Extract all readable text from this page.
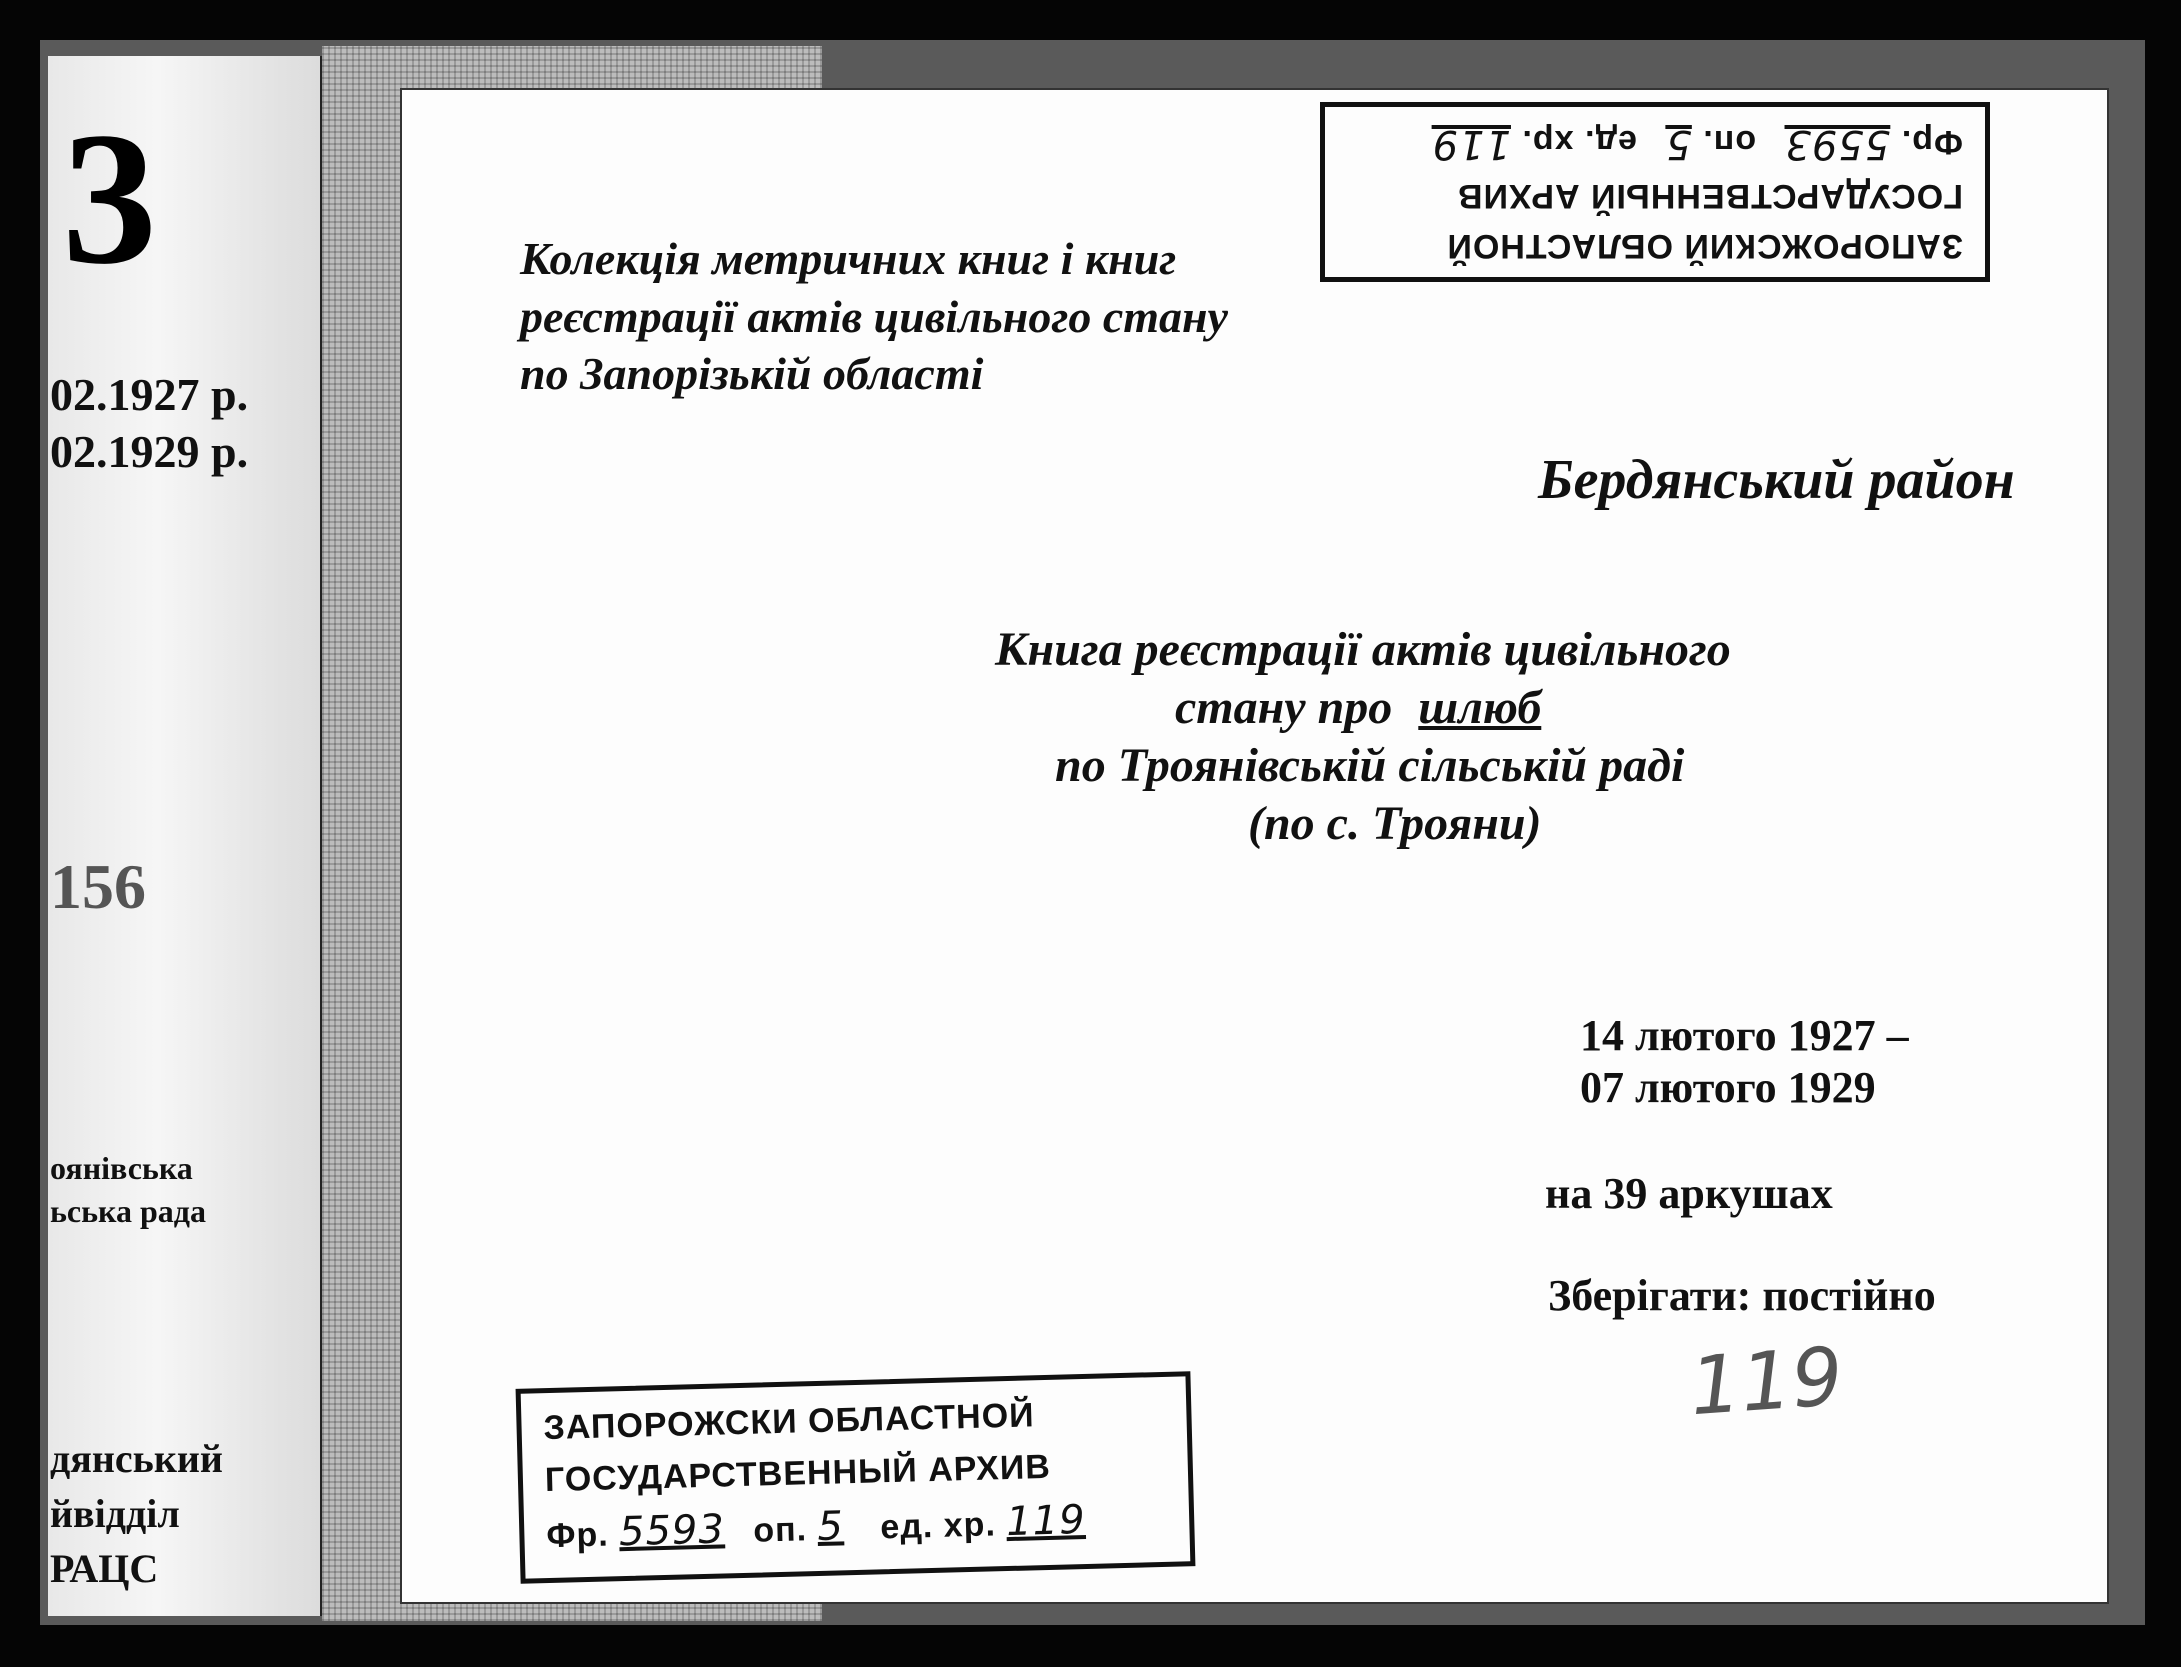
3
02.1927 р.
02.1929 р.
156
оянівська
ьська рада
дянський
йвідділ
РАЦС
Колекція метричних книг і книг
реєстрації актів цивільного стану
по Запорізькій області
Бердянський район
Книга реєстрації актів цивільного
стану про шлюб
по Троянівській сільській раді
(по с. Трояни)
14 лютого 1927 –
07 лютого 1929
на 39 аркушах
Зберігати: постійно
119
ЗАПОРОЖСКИЙ ОБЛАСТНОЙ
ГОСУДАРСТВЕННЫЙ АРХИВ
Фр. 5593 оп. 5 ед. хр. 119
ЗАПОРОЖСКИ ОБЛАСТНОЙ
ГОСУДАРСТВЕННЫЙ АРХИВ
Фр. 5593 оп. 5 ед. хр. 119
